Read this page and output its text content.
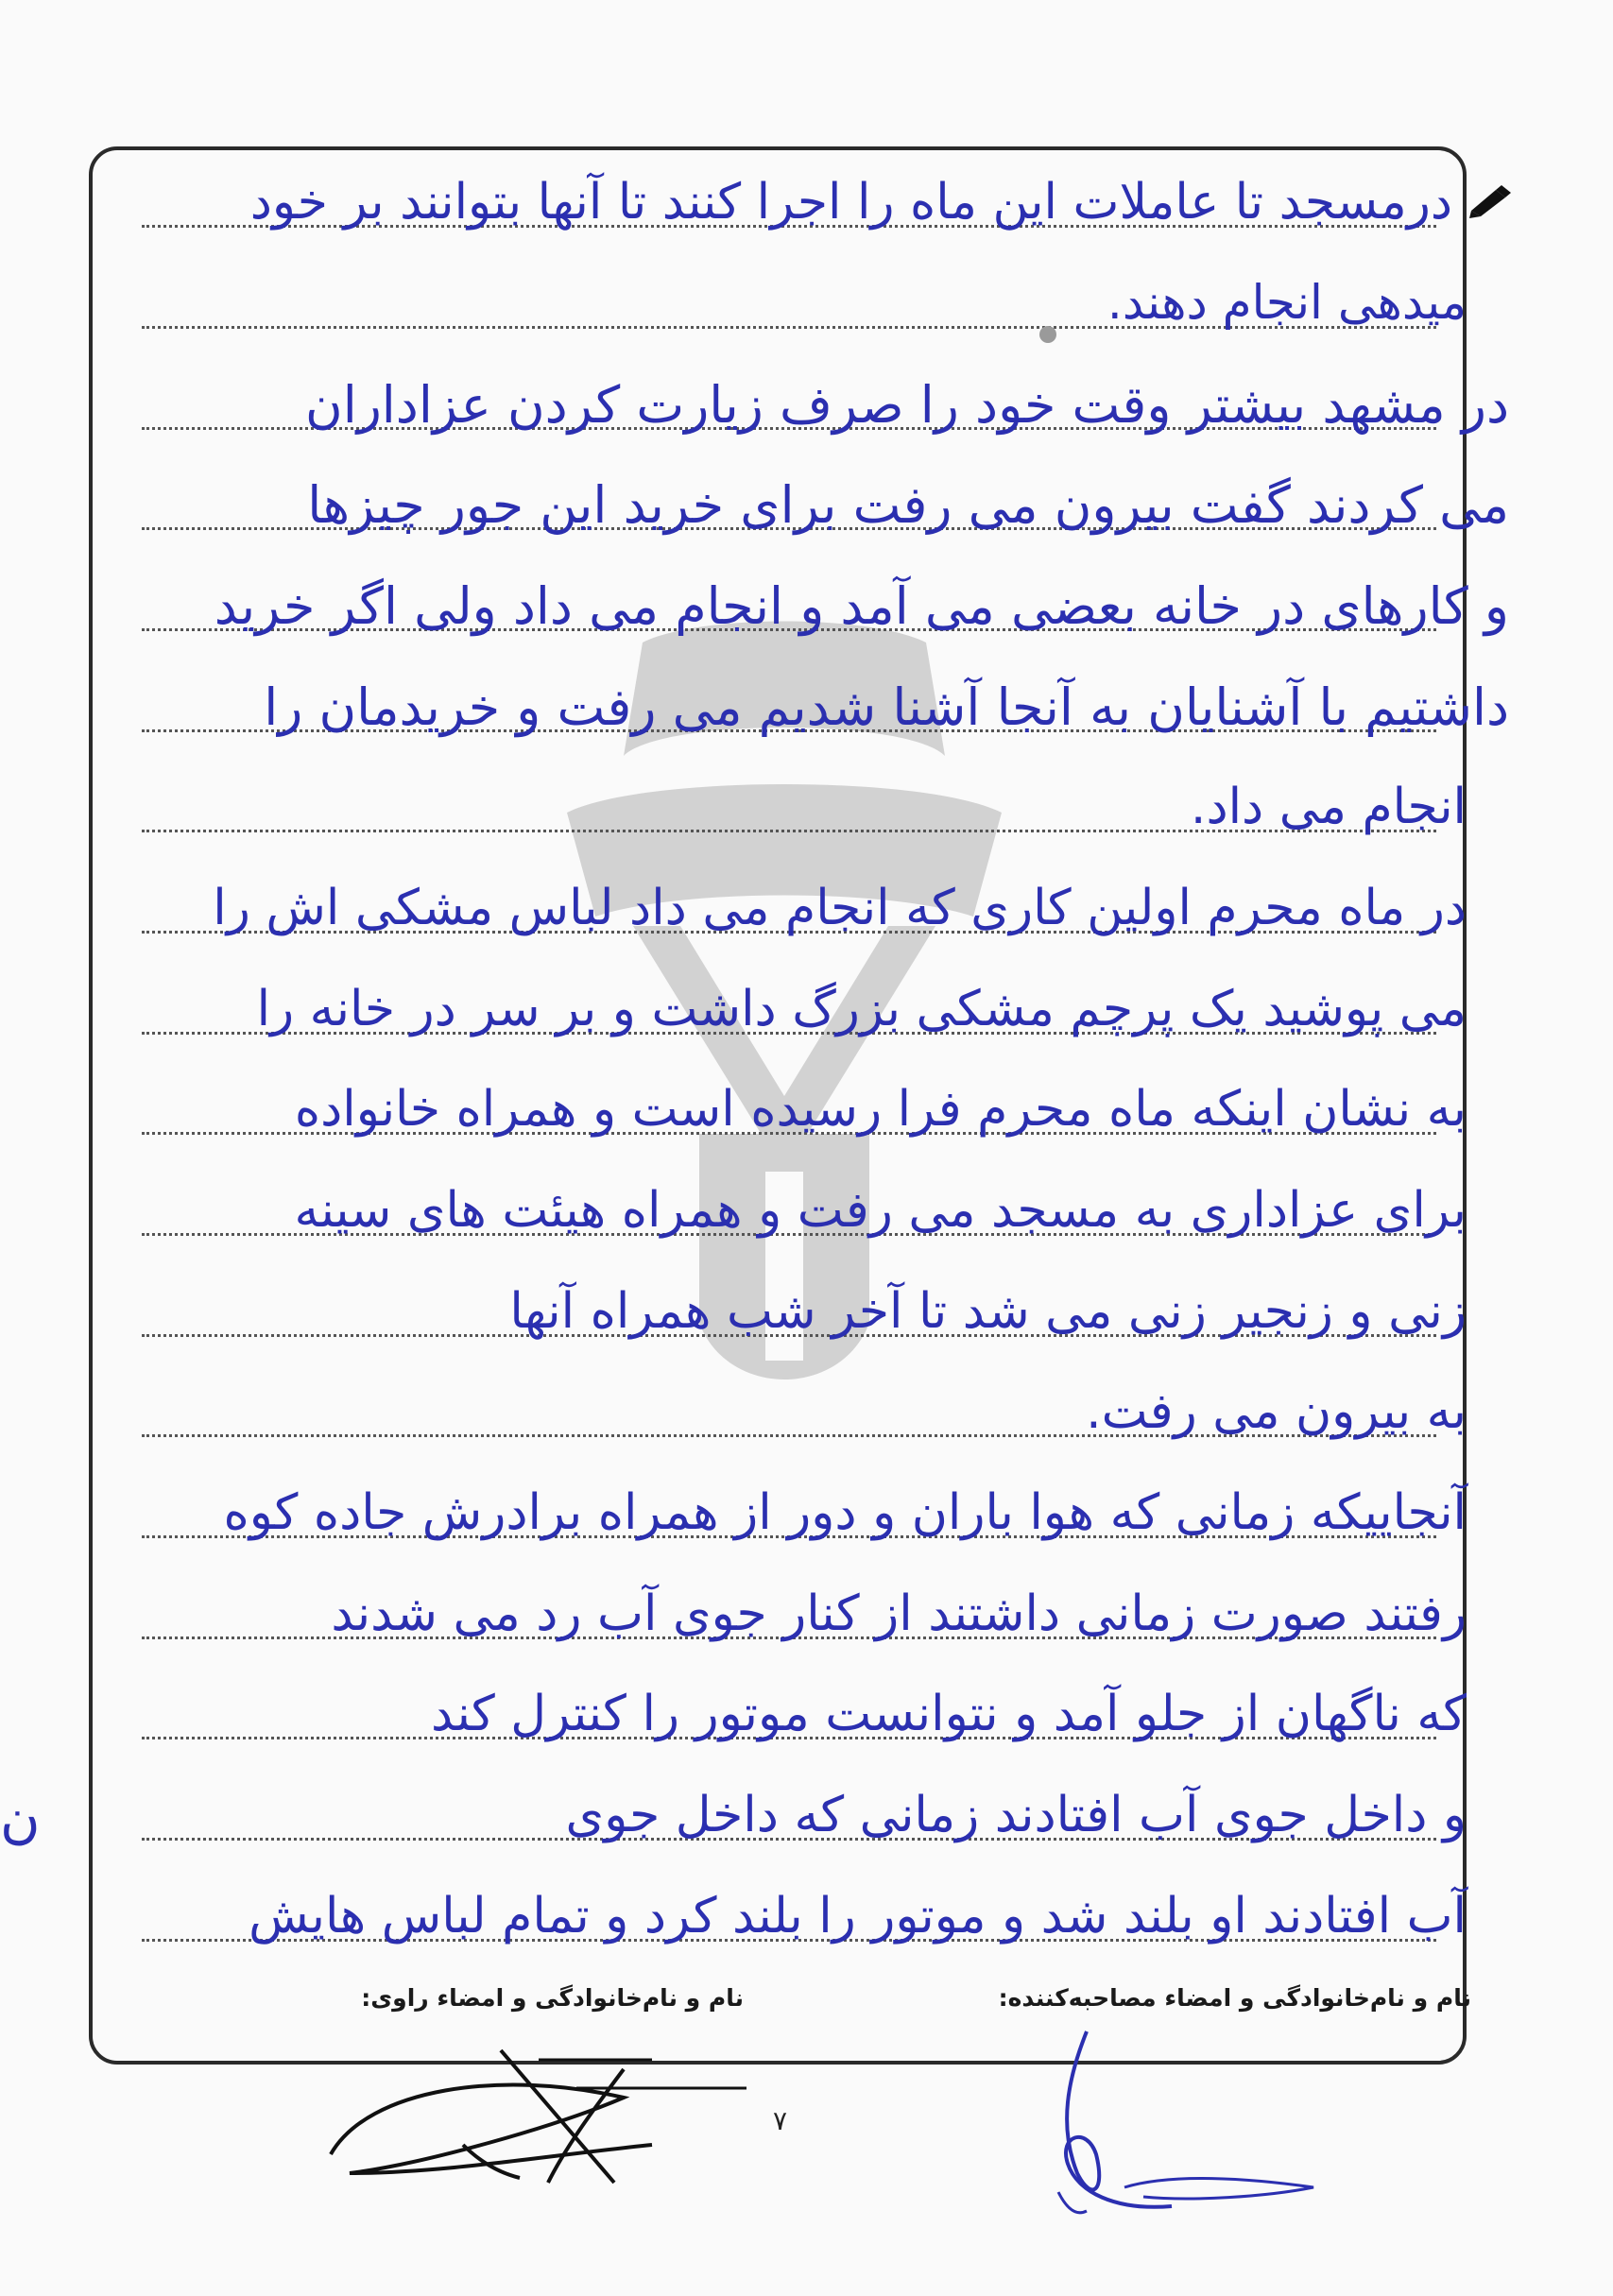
درمسجد تا عاملات این ماه را اجرا کنند تا آنها بتوانند بر خود
میدهی انجام دهند.
در مشهد بیشتر وقت خود را صرف زیارت کردن عزاداران
می کردند گفت بیرون می رفت برای خرید این جور چیزها
و کارهای در خانه بعضی می آمد و انجام می داد ولی اگر خرید
داشتیم با آشنایان به آنجا آشنا شدیم می رفت و خریدمان را
انجام می داد.
در ماه محرم اولین کاری که انجام می داد لباس مشکی اش را
می پوشید یک پرچم مشکی بزرگ داشت و بر سر در خانه را
به نشان اینکه ماه محرم فرا رسیده است و همراه خانواده
برای عزاداری به مسجد می رفت و همراه هیئت های سینه
زنی و زنجیر زنی می شد تا آخر شب همراه آنها
به بیرون می رفت.
آنجاییکه زمانی که هوا باران و دور از همراه برادرش جاده کوه
رفتند صورت زمانی داشتند از کنار جوی آب رد می شدند
که ناگهان از جلو آمد و نتوانست موتور را کنترل کند
و داخل جوی آب افتادند زمانی که داخل جوی
آب افتادند او بلند شد و موتور را بلند کرد و تمام لباس هایش
ن
نام و نام‌خانوادگی و امضاء مصاحبه‌کننده:
نام و نام‌خانوادگی و امضاء راوی:
۷
